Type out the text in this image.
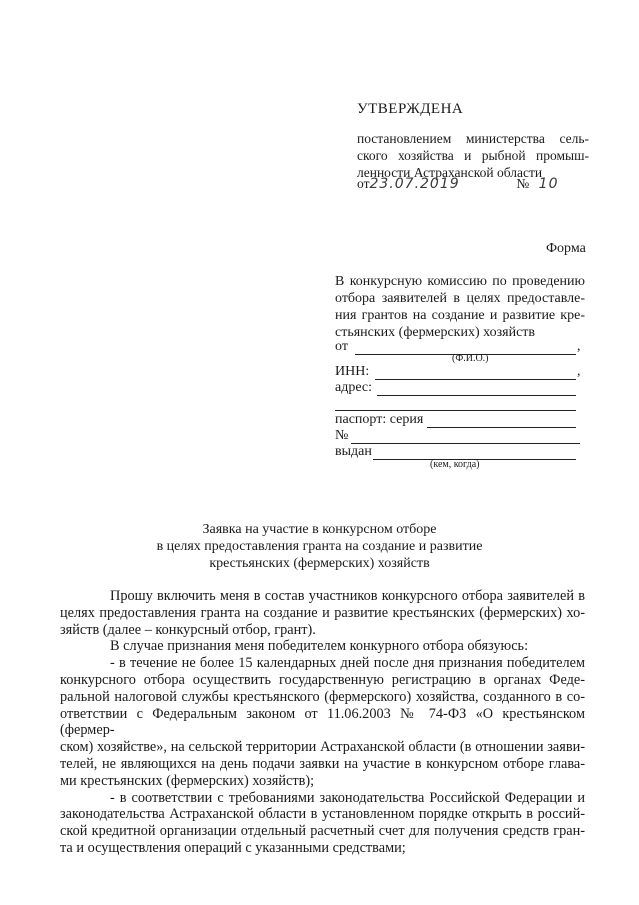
УТВЕРЖДЕНА
постановлением министерства сель-
ского хозяйства и рыбной промыш-
ленности Астраханской области
от23.07.2019	№ 10
Форма
В конкурсную комиссию по проведению
отбора заявителей в целях предоставле-
ния грантов на создание и развитие кре-
стьянских (фермерских) хозяйств
от	,
(Ф.И.О.)
ИНН:	,
адрес:
паспорт: серия
№
выдан
(кем, когда)
Заявка на участие в конкурсном отборе
в целях предоставления гранта на создание и развитие
крестьянских (фермерских) хозяйств
Прошу включить меня в состав участников конкурсного отбора заявителей в
целях предоставления гранта на создание и развитие крестьянских (фермерских) хо-
зяйств (далее – конкурсный отбор, грант).
В случае признания меня победителем конкурного отбора обязуюсь:
- в течение не более 15 календарных дней после дня признания победителем
конкурсного отбора осуществить государственную регистрацию в органах Феде-
ральной налоговой службы крестьянского (фермерского) хозяйства, созданного в со-
ответствии с Федеральным законом от 11.06.2003 № 74-ФЗ «О крестьянском (фермер-
ском) хозяйстве», на сельской территории Астраханской области (в отношении заяви-
телей, не являющихся на день подачи заявки на участие в конкурсном отборе глава-
ми крестьянских (фермерских) хозяйств);
- в соответствии с требованиями законодательства Российской Федерации и
законодательства Астраханской области в установленном порядке открыть в россий-
ской кредитной организации отдельный расчетный счет для получения средств гран-
та и осуществления операций с указанными средствами;
